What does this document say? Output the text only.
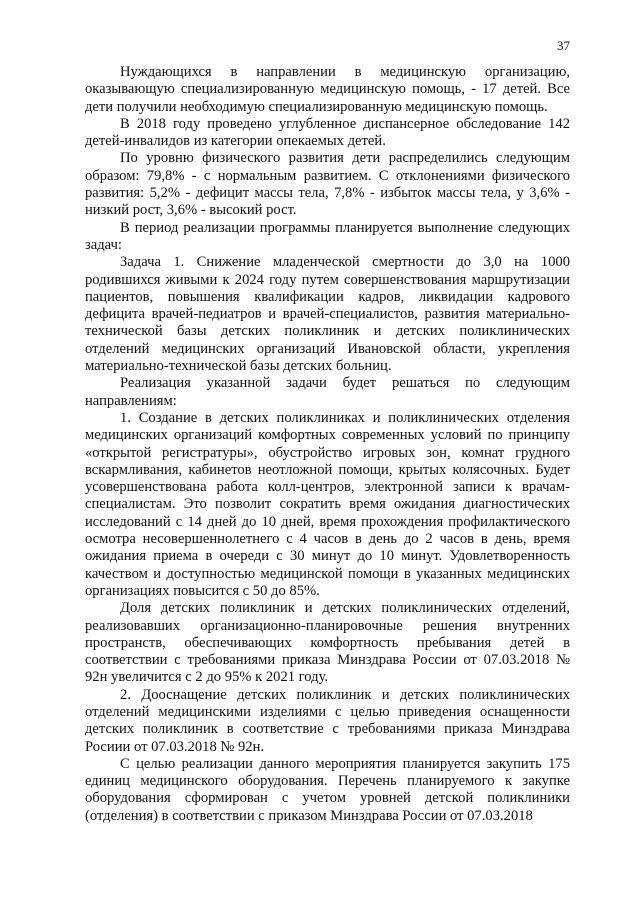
37

Нуждающихся в направлении в медицинскую организацию, оказывающую специализированную медицинскую помощь, - 17 детей. Все дети получили необходимую специализированную медицинскую помощь.

В 2018 году проведено углубленное диспансерное обследование 142 детей-инвалидов из категории опекаемых детей.

По уровню физического развития дети распределились следующим образом: 79,8% - с нормальным развитием. С отклонениями физического развития: 5,2% - дефицит массы тела, 7,8% - избыток массы тела, у 3,6% - низкий рост, 3,6% - высокий рост.

В период реализации программы планируется выполнение следующих задач:

Задача 1. Снижение младенческой смертности до 3,0 на 1000 родившихся живыми к 2024 году путем совершенствования маршрутизации пациентов, повышения квалификации кадров, ликвидации кадрового дефицита врачей-педиатров и врачей-специалистов, развития материально-технической базы детских поликлиник и детских поликлинических отделений медицинских организаций Ивановской области, укрепления материально-технической базы детских больниц.

Реализация указанной задачи будет решаться по следующим направлениям:

1. Создание в детских поликлиниках и поликлинических отделения медицинских организаций комфортных современных условий по принципу «открытой регистратуры», обустройство игровых зон, комнат грудного вскармливания, кабинетов неотложной помощи, крытых колясочных. Будет усовершенствована работа колл-центров, электронной записи к врачам-специалистам. Это позволит сократить время ожидания диагностических исследований с 14 дней до 10 дней, время прохождения профилактического осмотра несовершеннолетнего с 4 часов в день до 2 часов в день, время ожидания приема в очереди с 30 минут до 10 минут. Удовлетворенность качеством и доступностью медицинской помощи в указанных медицинских организациях повысится с 50 до 85%.

Доля детских поликлиник и детских поликлинических отделений, реализовавших организационно-планировочные решения внутренних пространств, обеспечивающих комфортность пребывания детей в соответствии с требованиями приказа Минздрава России от 07.03.2018 № 92н увеличится с 2 до 95% к 2021 году.

2. Дооснащение детских поликлиник и детских поликлинических отделений медицинскими изделиями с целью приведения оснащенности детских поликлиник в соответствие с требованиями приказа Минздрава Росиии от 07.03.2018 № 92н.

С целью реализации данного мероприятия планируется закупить 175 единиц медицинского оборудования. Перечень планируемого к закупке оборудования сформирован с учетом уровней детской поликлиники (отделения) в соответствии с приказом Минздрава России от 07.03.2018
